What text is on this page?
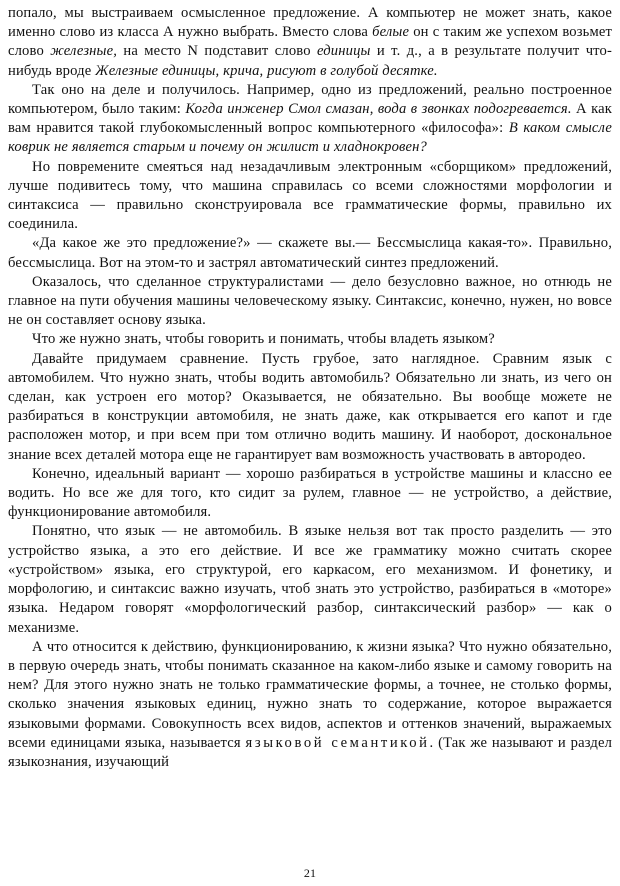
попало, мы выстраиваем осмысленное предложение. А компьютер не может знать, какое именно слово из класса А нужно выбрать. Вместо слова белые он с таким же успехом возьмет слово железные, на место N подставит слово единицы и т. д., а в результате получит что-нибудь вроде Железные единицы, крича, рисуют в голубой десятке.

Так оно на деле и получилось. Например, одно из предложений, реально построенное компьютером, было таким: Когда инженер Смол смазан, вода в звонках подогревается. А как вам нравится такой глубокомысленный вопрос компьютерного «философа»: В каком смысле коврик не является старым и почему он жилист и хладнокровен?

Но повремените смеяться над незадачливым электронным «сборщиком» предложений, лучше подивитесь тому, что машина справилась со всеми сложностями морфологии и синтаксиса — правильно сконструировала все грамматические формы, правильно их соединила.

«Да какое же это предложение?» — скажете вы.— Бессмыслица какая-то». Правильно, бессмыслица. Вот на этом-то и застрял автоматический синтез предложений.

Оказалось, что сделанное структуралистами — дело безусловно важное, но отнюдь не главное на пути обучения машины человеческому языку. Синтаксис, конечно, нужен, но вовсе не он составляет основу языка.

Что же нужно знать, чтобы говорить и понимать, чтобы владеть языком?

Давайте придумаем сравнение. Пусть грубое, зато наглядное. Сравним язык с автомобилем. Что нужно знать, чтобы водить автомобиль? Обязательно ли знать, из чего он сделан, как устроен его мотор? Оказывается, не обязательно. Вы вообще можете не разбираться в конструкции автомобиля, не знать даже, как открывается его капот и где расположен мотор, и при всем при том отлично водить машину. И наоборот, доскональное знание всех деталей мотора еще не гарантирует вам возможность участвовать в автородео.

Конечно, идеальный вариант — хорошо разбираться в устройстве машины и классно ее водить. Но все же для того, кто сидит за рулем, главное — не устройство, а действие, функционирование автомобиля.

Понятно, что язык — не автомобиль. В языке нельзя вот так просто разделить — это устройство языка, а это его действие. И все же грамматику можно считать скорее «устройством» языка, его структурой, его каркасом, его механизмом. И фонетику, и морфологию, и синтаксис важно изучать, чтоб знать это устройство, разбираться в «моторе» языка. Недаром говорят «морфологический разбор, синтаксический разбор» — как о механизме.

А что относится к действию, функционированию, к жизни языка? Что нужно обязательно, в первую очередь знать, чтобы понимать сказанное на каком-либо языке и самому говорить на нем? Для этого нужно знать не только грамматические формы, а точнее, не столько формы, сколько значения языковых единиц, нужно знать то содержание, которое выражается языковыми формами. Совокупность всех видов, аспектов и оттенков значений, выражаемых всеми единицами языка, называется языковой семантикой. (Так же называют и раздел языкознания, изучающий

21
